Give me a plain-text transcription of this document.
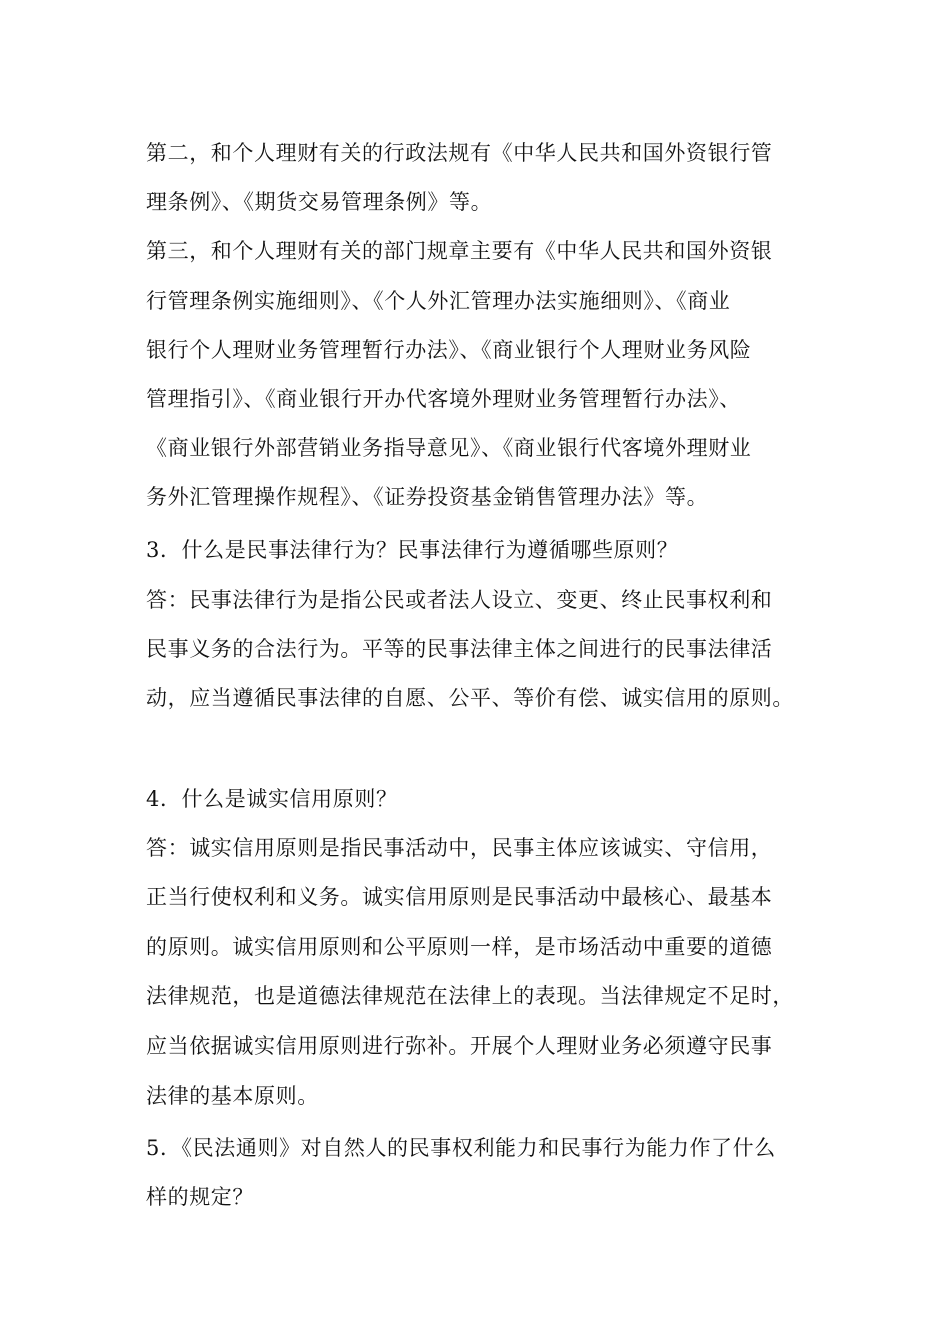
第二，和个人理财有关的行政法规有《中华人民共和国外资银行管
理条例》、《期货交易管理条例》等。
第三，和个人理财有关的部门规章主要有《中华人民共和国外资银
行管理条例实施细则》、《个人外汇管理办法实施细则》、《商业
银行个人理财业务管理暂行办法》、《商业银行个人理财业务风险
管理指引》、《商业银行开办代客境外理财业务管理暂行办法》、
《商业银行外部营销业务指导意见》、《商业银行代客境外理财业
务外汇管理操作规程》、《证券投资基金销售管理办法》等。
3．什么是民事法律行为？民事法律行为遵循哪些原则？
答：民事法律行为是指公民或者法人设立、变更、终止民事权利和
民事义务的合法行为。平等的民事法律主体之间进行的民事法律活
动，应当遵循民事法律的自愿、公平、等价有偿、诚实信用的原则。
4．什么是诚实信用原则？
答：诚实信用原则是指民事活动中，民事主体应该诚实、守信用，
正当行使权利和义务。诚实信用原则是民事活动中最核心、最基本
的原则。诚实信用原则和公平原则一样，是市场活动中重要的道德
法律规范，也是道德法律规范在法律上的表现。当法律规定不足时，
应当依据诚实信用原则进行弥补。开展个人理财业务必须遵守民事
法律的基本原则。
5．《民法通则》对自然人的民事权利能力和民事行为能力作了什么
样的规定？
